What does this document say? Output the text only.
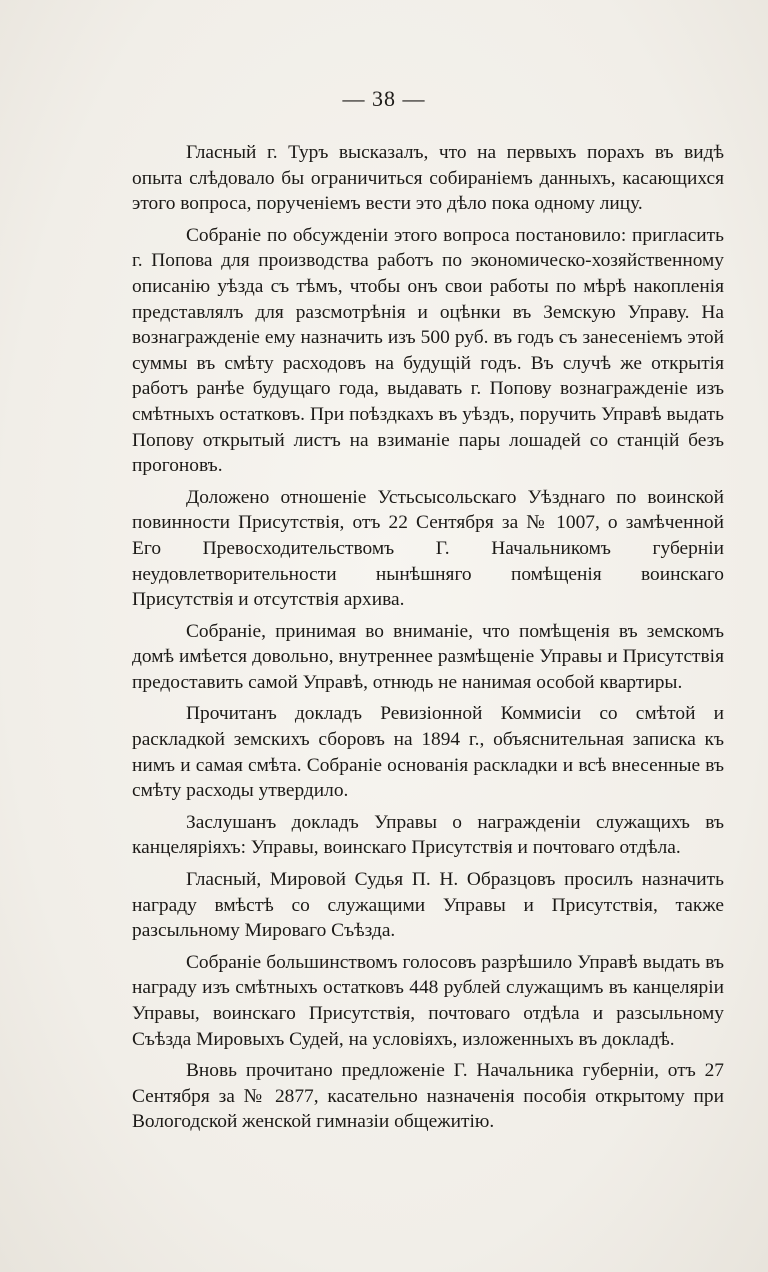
— 38 —

Гласный г. Туръ высказалъ, что на первыхъ порахъ въ видѣ опыта слѣдовало бы ограничиться собираніемъ данныхъ, касающихся этого вопроса, порученіемъ вести это дѣло пока одному лицу.

Собраніе по обсужденіи этого вопроса постановило: пригласить г. Попова для производства работъ по экономическо-хозяйственному описанію уѣзда съ тѣмъ, чтобы онъ свои работы по мѣрѣ накопленія представлялъ для разсмотрѣнія и оцѣнки въ Земскую Управу. На вознагражденіе ему назначить изъ 500 руб. въ годъ съ занесеніемъ этой суммы въ смѣту расходовъ на будущій годъ. Въ случѣ же открытія работъ ранѣе будущаго года, выдавать г. Попову вознагражденіе изъ смѣтныхъ остатковъ. При поѣздкахъ въ уѣздъ, поручить Управѣ выдать Попову открытый листъ на взиманіе пары лошадей со станцій безъ прогоновъ.

Доложено отношеніе Устьсысольскаго Уѣзднаго по воинской повинности Присутствія, отъ 22 Сентября за № 1007, о замѣченной Его Превосходительствомъ Г. Начальникомъ губерніи неудовлетворительности нынѣшняго помѣщенія воинскаго Присутствія и отсутствія архива.

Собраніе, принимая во вниманіе, что помѣщенія въ земскомъ домѣ имѣется довольно, внутреннее размѣщеніе Управы и Присутствія предоставить самой Управѣ, отнюдь не нанимая особой квартиры.

Прочитанъ докладъ Ревизіонной Коммисіи со смѣтой и раскладкой земскихъ сборовъ на 1894 г., объяснительная записка къ нимъ и самая смѣта. Собраніе основанія раскладки и всѣ внесенные въ смѣту расходы утвердило.

Заслушанъ докладъ Управы о награжденіи служащихъ въ канцеляріяхъ: Управы, воинскаго Присутствія и почтоваго отдѣла.

Гласный, Мировой Судья П. Н. Образцовъ просилъ назначить награду вмѣстѣ со служащими Управы и Присутствія, также разсыльному Мироваго Съѣзда.

Собраніе большинствомъ голосовъ разрѣшило Управѣ выдать въ награду изъ смѣтныхъ остатковъ 448 рублей служащимъ въ канцеляріи Управы, воинскаго Присутствія, почтоваго отдѣла и разсыльному Съѣзда Мировыхъ Судей, на условіяхъ, изложенныхъ въ докладѣ.

Вновь прочитано предложеніе Г. Начальника губерніи, отъ 27 Сентября за № 2877, касательно назначенія пособія открытому при Вологодской женской гимназіи общежитію.
